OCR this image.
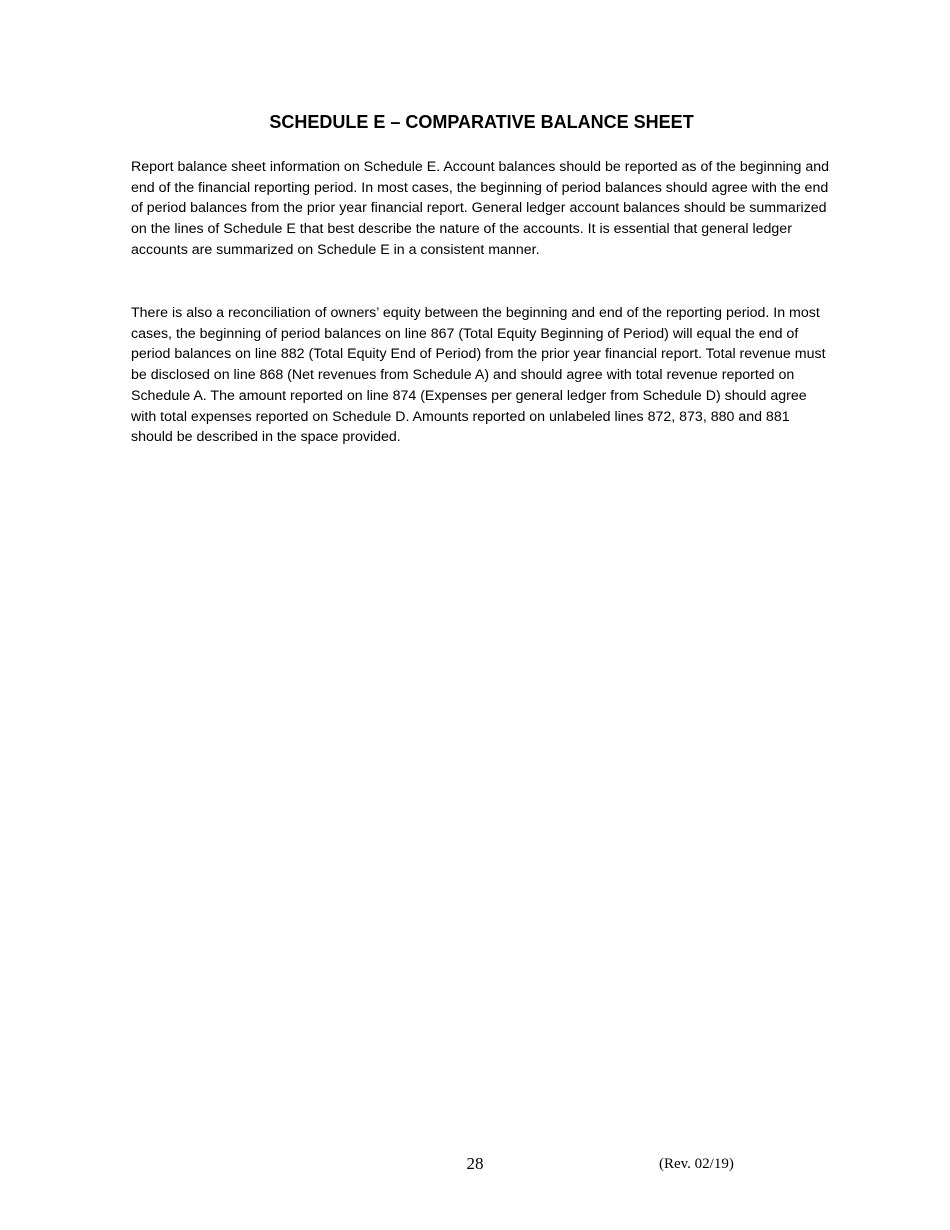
SCHEDULE E – COMPARATIVE BALANCE SHEET

Report balance sheet information on Schedule E. Account balances should be reported as of the beginning and end of the financial reporting period. In most cases, the beginning of period balances should agree with the end of period balances from the prior year financial report. General ledger account balances should be summarized on the lines of Schedule E that best describe the nature of the accounts. It is essential that general ledger accounts are summarized on Schedule E in a consistent manner.

There is also a reconciliation of owners’ equity between the beginning and end of the reporting period. In most cases, the beginning of period balances on line 867 (Total Equity Beginning of Period) will equal the end of period balances on line 882 (Total Equity End of Period) from the prior year financial report. Total revenue must be disclosed on line 868 (Net revenues from Schedule A) and should agree with total revenue reported on Schedule A. The amount reported on line 874 (Expenses per general ledger from Schedule D) should agree with total expenses reported on Schedule D. Amounts reported on unlabeled lines 872, 873, 880 and 881 should be described in the space provided.

28	(Rev. 02/19)
